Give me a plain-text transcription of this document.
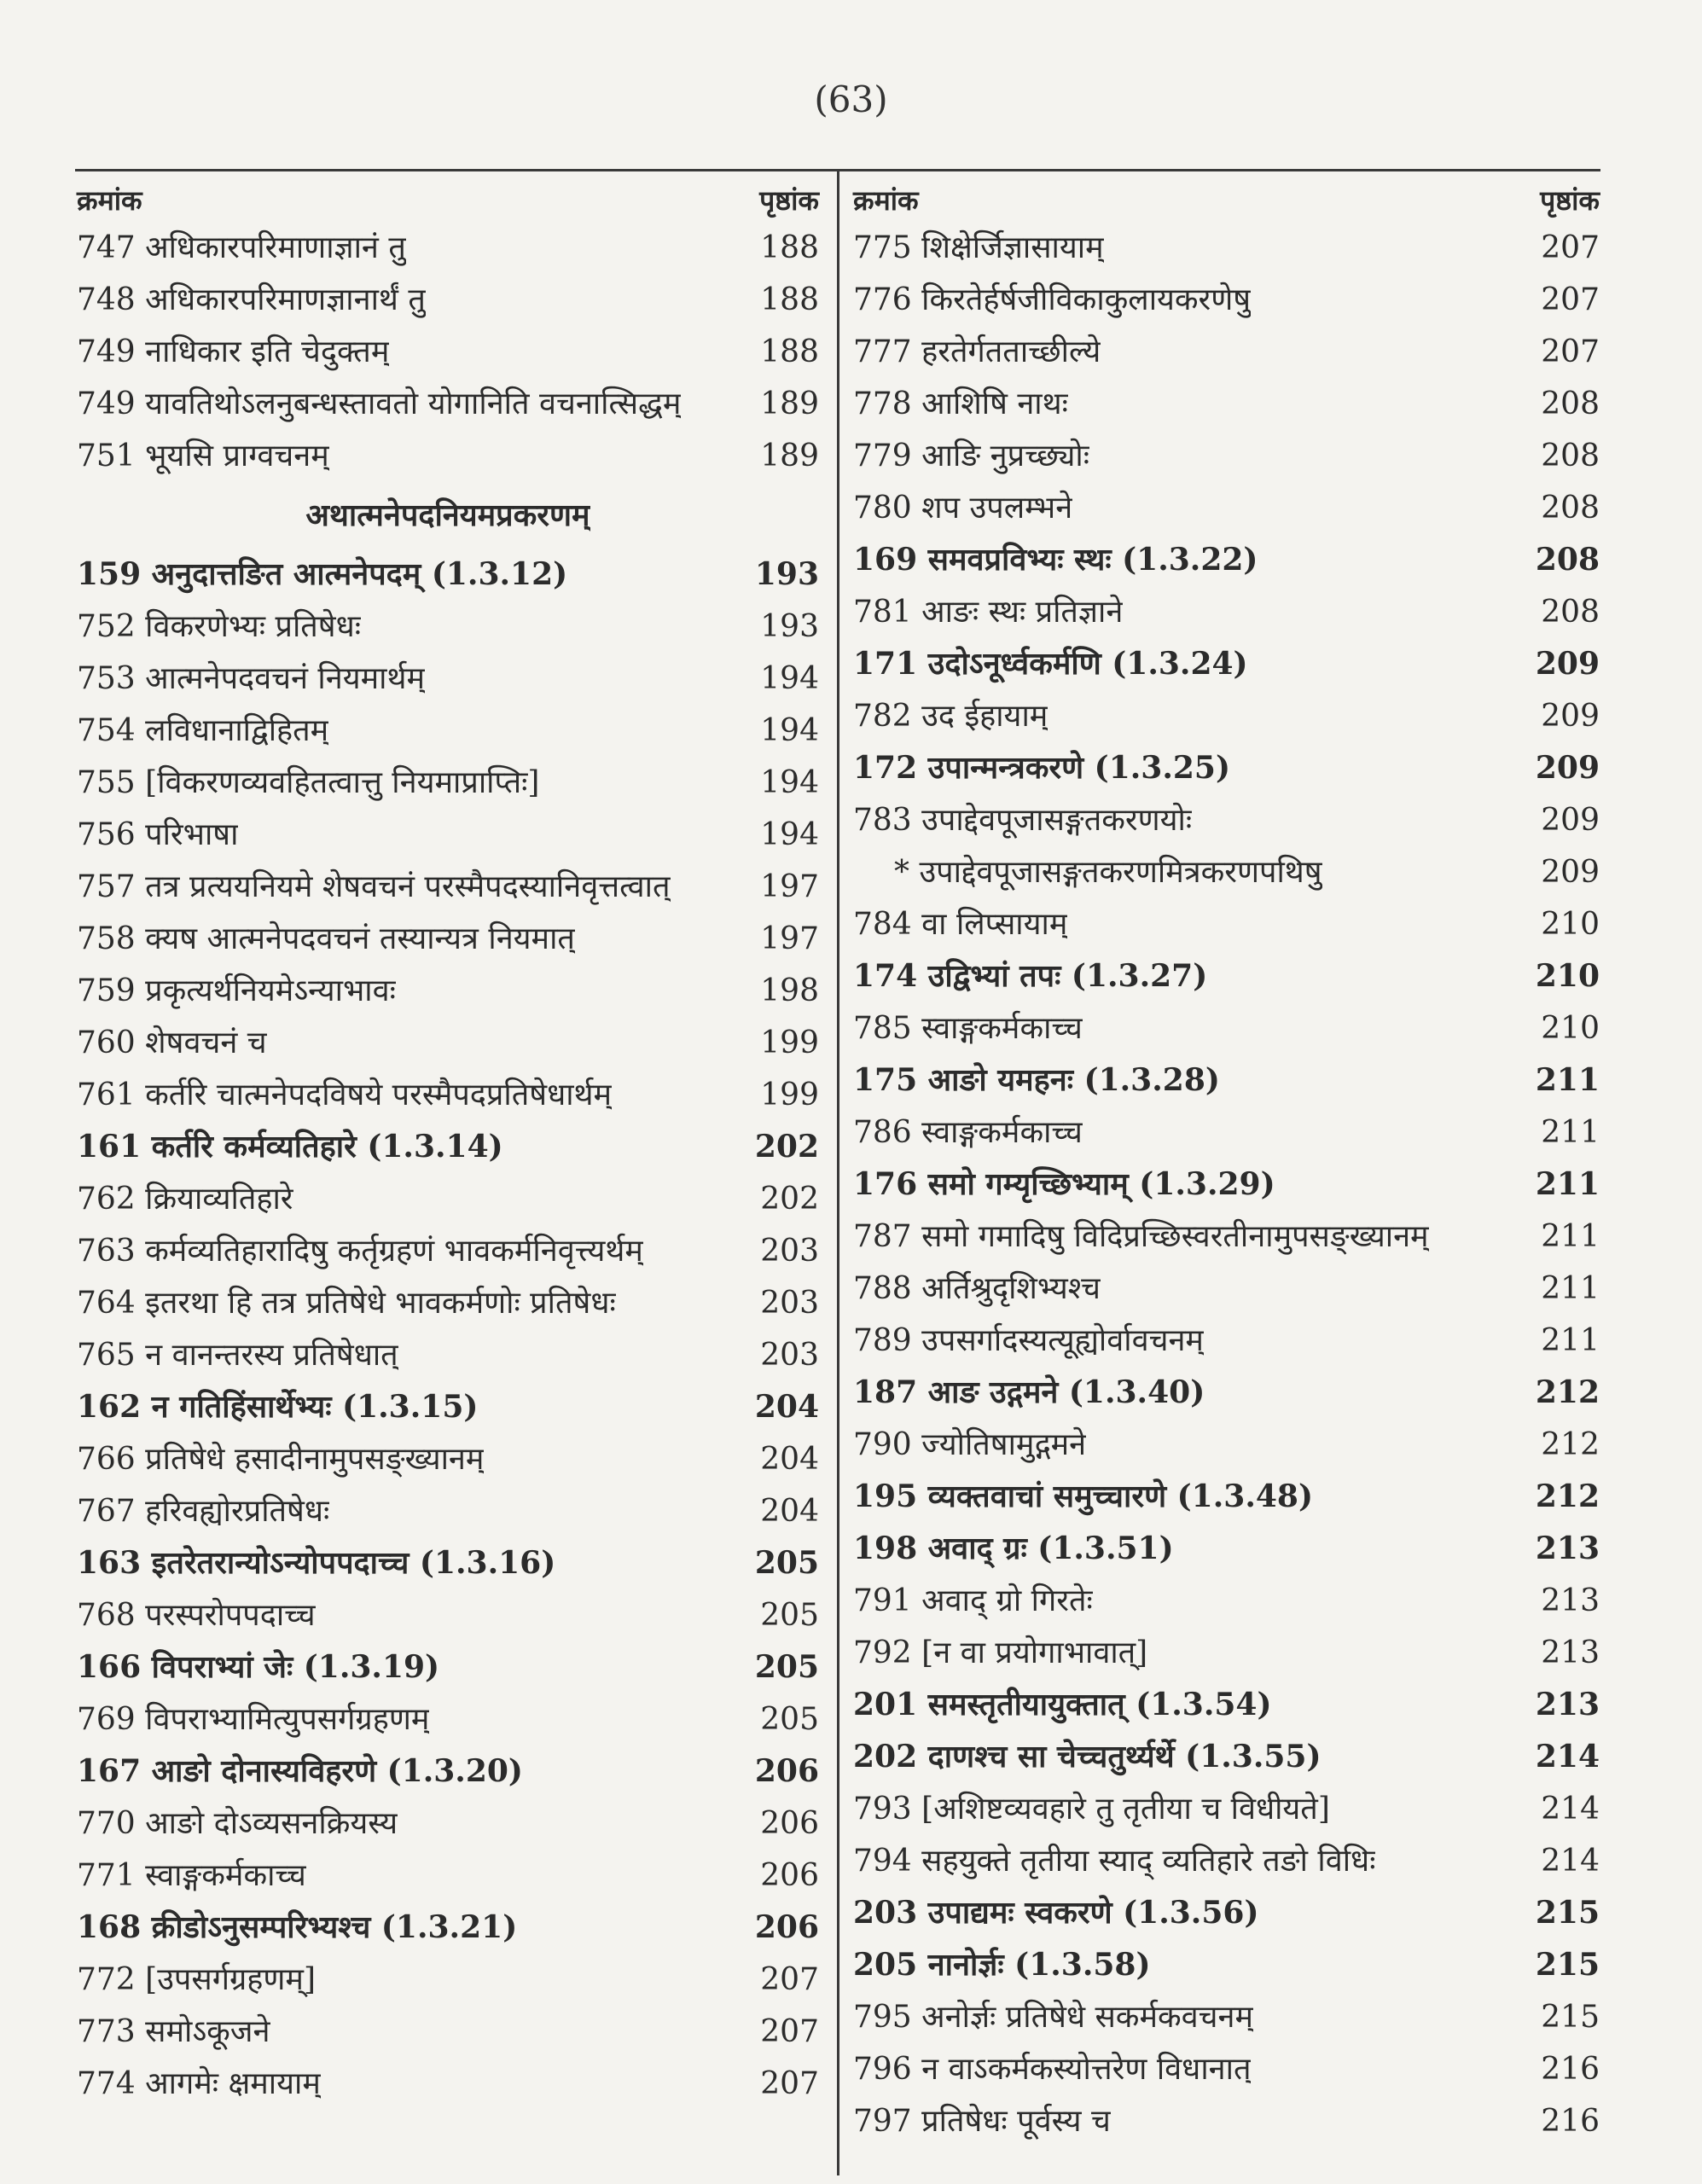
(63)
क्रमांक	पृष्ठांक
747 अधिकारपरिमाणाज्ञानं तु	188
748 अधिकारपरिमाणज्ञानार्थं तु	188
749 नाधिकार इति चेदुक्तम्	188
749 यावतिथोऽलनुबन्धस्तावतो योगानिति वचनात्सिद्धम्	189
751 भूयसि प्राग्वचनम्	189
अथात्मनेपदनियमप्रकरणम्
159 अनुदात्तङित आत्मनेपदम् (1.3.12)	193
752 विकरणेभ्यः प्रतिषेधः	193
753 आत्मनेपदवचनं नियमार्थम्	194
754 लविधानाद्विहितम्	194
755 [विकरणव्यवहितत्वात्तु नियमाप्राप्तिः]	194
756 परिभाषा	194
757 तत्र प्रत्ययनियमे शेषवचनं परस्मैपदस्यानिवृत्तत्वात्	197
758 क्यष आत्मनेपदवचनं तस्यान्यत्र नियमात्	197
759 प्रकृत्यर्थनियमेऽन्याभावः	198
760 शेषवचनं च	199
761 कर्तरि चात्मनेपदविषये परस्मैपदप्रतिषेधार्थम्	199
161 कर्तरि कर्मव्यतिहारे (1.3.14)	202
762 क्रियाव्यतिहारे	202
763 कर्मव्यतिहारादिषु कर्तृग्रहणं भावकर्मनिवृत्त्यर्थम्	203
764 इतरथा हि तत्र प्रतिषेधे भावकर्मणोः प्रतिषेधः	203
765 न वानन्तरस्य प्रतिषेधात्	203
162 न गतिहिंसार्थेभ्यः (1.3.15)	204
766 प्रतिषेधे हसादीनामुपसङ्ख्यानम्	204
767 हरिवह्योरप्रतिषेधः	204
163 इतरेतरान्योऽन्योपपदाच्च (1.3.16)	205
768 परस्परोपपदाच्च	205
166 विपराभ्यां जेः (1.3.19)	205
769 विपराभ्यामित्युपसर्गग्रहणम्	205
167 आङो दोनास्यविहरणे (1.3.20)	206
770 आङो दोऽव्यसनक्रियस्य	206
771 स्वाङ्गकर्मकाच्च	206
168 क्रीडोऽनुसम्परिभ्यश्च (1.3.21)	206
772 [उपसर्गग्रहणम्]	207
773 समोऽकूजने	207
774 आगमेः क्षमायाम्	207
क्रमांक	पृष्ठांक
775 शिक्षेर्जिज्ञासायाम्	207
776 किरतेर्हर्षजीविकाकुलायकरणेषु	207
777 हरतेर्गतताच्छील्ये	207
778 आशिषि नाथः	208
779 आङि नुप्रच्छ्योः	208
780 शप उपलम्भने	208
169 समवप्रविभ्यः स्थः (1.3.22)	208
781 आङः स्थः प्रतिज्ञाने	208
171 उदोऽनूर्ध्वकर्मणि (1.3.24)	209
782 उद ईहायाम्	209
172 उपान्मन्त्रकरणे (1.3.25)	209
783 उपाद्देवपूजासङ्गतकरणयोः	209
* उपाद्देवपूजासङ्गतकरणमित्रकरणपथिषु	209
784 वा लिप्सायाम्	210
174 उद्विभ्यां तपः (1.3.27)	210
785 स्वाङ्गकर्मकाच्च	210
175 आङो यमहनः (1.3.28)	211
786 स्वाङ्गकर्मकाच्च	211
176 समो गम्यृच्छिभ्याम् (1.3.29)	211
787 समो गमादिषु विदिप्रच्छिस्वरतीनामुपसङ्ख्यानम्	211
788 अर्तिश्रुदृशिभ्यश्च	211
789 उपसर्गादस्यत्यूह्योर्वावचनम्	211
187 आङ उद्गमने (1.3.40)	212
790 ज्योतिषामुद्गमने	212
195 व्यक्तवाचां समुच्चारणे (1.3.48)	212
198 अवाद् ग्रः (1.3.51)	213
791 अवाद् ग्रो गिरतेः	213
792 [न वा प्रयोगाभावात्]	213
201 समस्तृतीयायुक्तात् (1.3.54)	213
202 दाणश्च सा चेच्चतुर्थ्यर्थे (1.3.55)	214
793 [अशिष्टव्यवहारे तु तृतीया च विधीयते]	214
794 सहयुक्ते तृतीया स्याद् व्यतिहारे तङो विधिः	214
203 उपाद्यमः स्वकरणे (1.3.56)	215
205 नानोर्ज्ञः (1.3.58)	215
795 अनोर्ज्ञः प्रतिषेधे सकर्मकवचनम्	215
796 न वाऽकर्मकस्योत्तरेण विधानात्	216
797 प्रतिषेधः पूर्वस्य च	216
